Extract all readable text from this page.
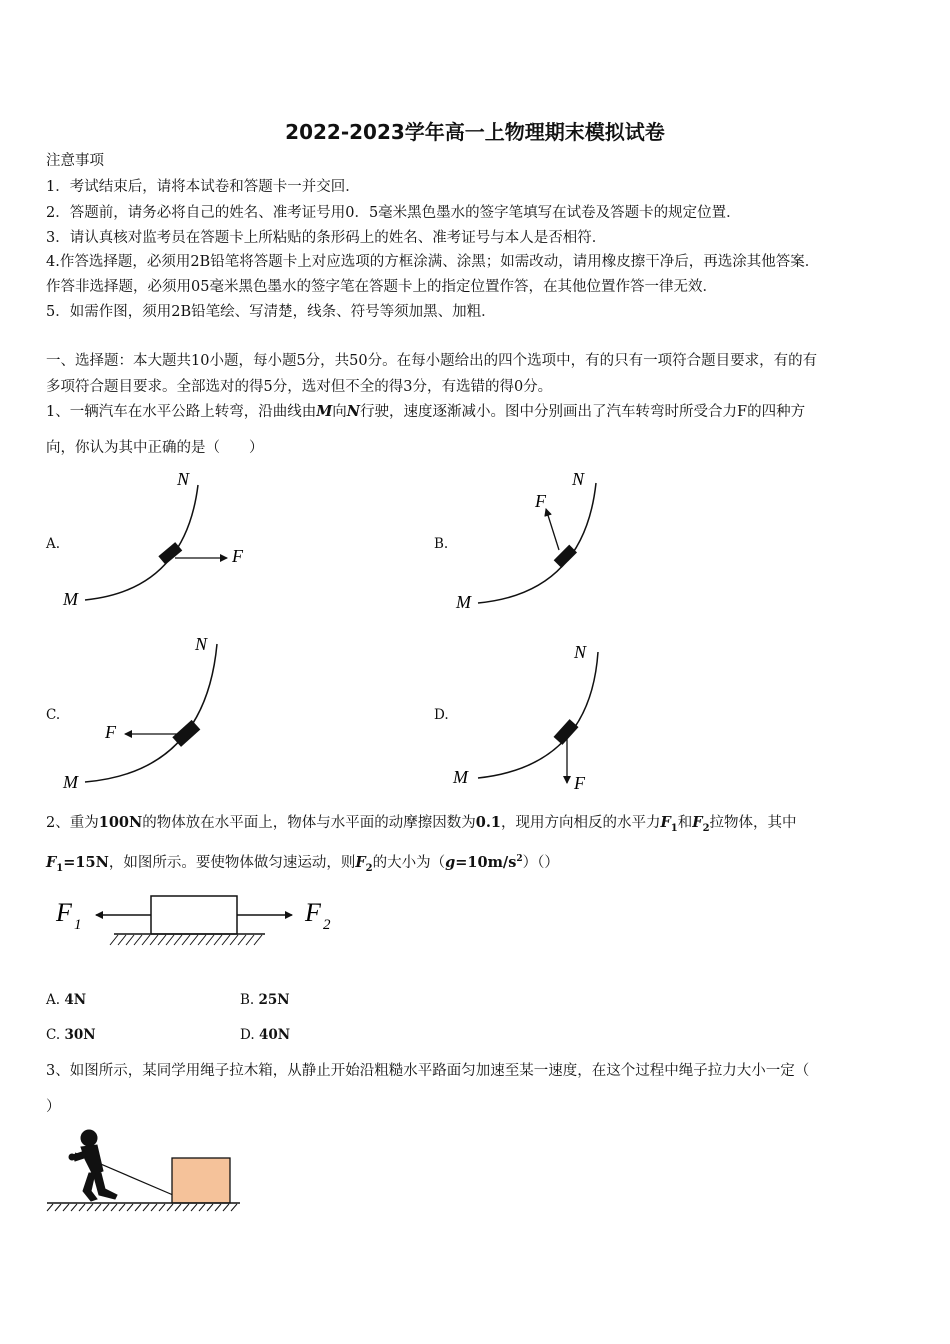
2022-2023学年高一上物理期末模拟试卷
注意事项
1．考试结束后，请将本试卷和答题卡一并交回．
2．答题前，请务必将自己的姓名、准考证号用0．5毫米黑色墨水的签字笔填写在试卷及答题卡的规定位置．
3．请认真核对监考员在答题卡上所粘贴的条形码上的姓名、准考证号与本人是否相符．
4.作答选择题，必须用2B铅笔将答题卡上对应选项的方框涂满、涂黑；如需改动，请用橡皮擦干净后，再选涂其他答案．
作答非选择题，必须用05毫米黑色墨水的签字笔在答题卡上的指定位置作答，在其他位置作答一律无效．
5．如需作图，须用2B铅笔绘、写清楚，线条、符号等须加黑、加粗．
一、选择题：本大题共10小题，每小题5分，共50分。在每小题给出的四个选项中，有的只有一项符合题目要求，有的有
多项符合题目要求。全部选对的得5分，选对但不全的得3分，有选错的得0分。
1、一辆汽车在水平公路上转弯，沿曲线由M向N行驶，速度逐渐减小。图中分别画出了汽车转弯时所受合力F的四种方
向，你认为其中正确的是（　　）
A.	B.
C.	D.
F
M
N
F
M
N
F
M
N
F
M
N
2、重为100N的物体放在水平面上，物体与水平面的动摩擦因数为0.1，现用方向相反的水平力$F_1$和$F_2$拉物体，其中
$F_1=15N$，如图所示。要使物体做匀速运动，则$F_2$的大小为$(g=10m/s^2)()$
F 1	F 2
A. 4N	B. 25N
C. 30N	D. 40N
3、如图所示，某同学用绳子拉木箱，从静止开始沿粗糙水平路面匀加速至某一速度，在这个过程中绳子拉力大小一定（
）
